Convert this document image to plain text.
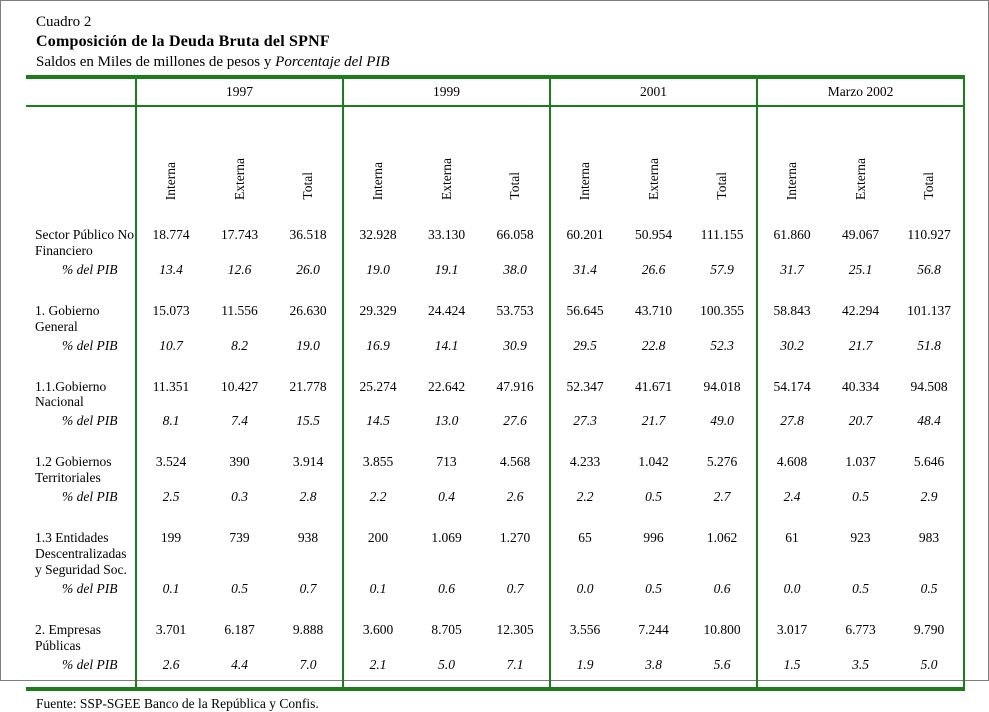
Cuadro 2
Composición de la Deuda Bruta del SPNF
Saldos en Miles de millones de pesos y Porcentaje del PIB
	1997			1999			2001			Marzo 2002		
	Interna	Externa	Total	Interna	Externa	Total	Interna	Externa	Total	Interna	Externa	Total
Sector Público No
Financiero	18.774	17.743	36.518	32.928	33.130	66.058	60.201	50.954	111.155	61.860	49.067	110.927
% del PIB	13.4	12.6	26.0	19.0	19.1	38.0	31.4	26.6	57.9	31.7	25.1	56.8
1. Gobierno
General	15.073	11.556	26.630	29.329	24.424	53.753	56.645	43.710	100.355	58.843	42.294	101.137
% del PIB	10.7	8.2	19.0	16.9	14.1	30.9	29.5	22.8	52.3	30.2	21.7	51.8
1.1.Gobierno
Nacional	11.351	10.427	21.778	25.274	22.642	47.916	52.347	41.671	94.018	54.174	40.334	94.508
% del PIB	8.1	7.4	15.5	14.5	13.0	27.6	27.3	21.7	49.0	27.8	20.7	48.4
1.2 Gobiernos
Territoriales	3.524	390	3.914	3.855	713	4.568	4.233	1.042	5.276	4.608	1.037	5.646
% del PIB	2.5	0.3	2.8	2.2	0.4	2.6	2.2	0.5	2.7	2.4	0.5	2.9
1.3 Entidades
Descentralizadas
y Seguridad Soc.	199	739	938	200	1.069	1.270	65	996	1.062	61	923	983
% del PIB	0.1	0.5	0.7	0.1	0.6	0.7	0.0	0.5	0.6	0.0	0.5	0.5
2. Empresas
Públicas	3.701	6.187	9.888	3.600	8.705	12.305	3.556	7.244	10.800	3.017	6.773	9.790
% del PIB	2.6	4.4	7.0	2.1	5.0	7.1	1.9	3.8	5.6	1.5	3.5	5.0
Fuente: SSP-SGEE Banco de la República y Confis.
